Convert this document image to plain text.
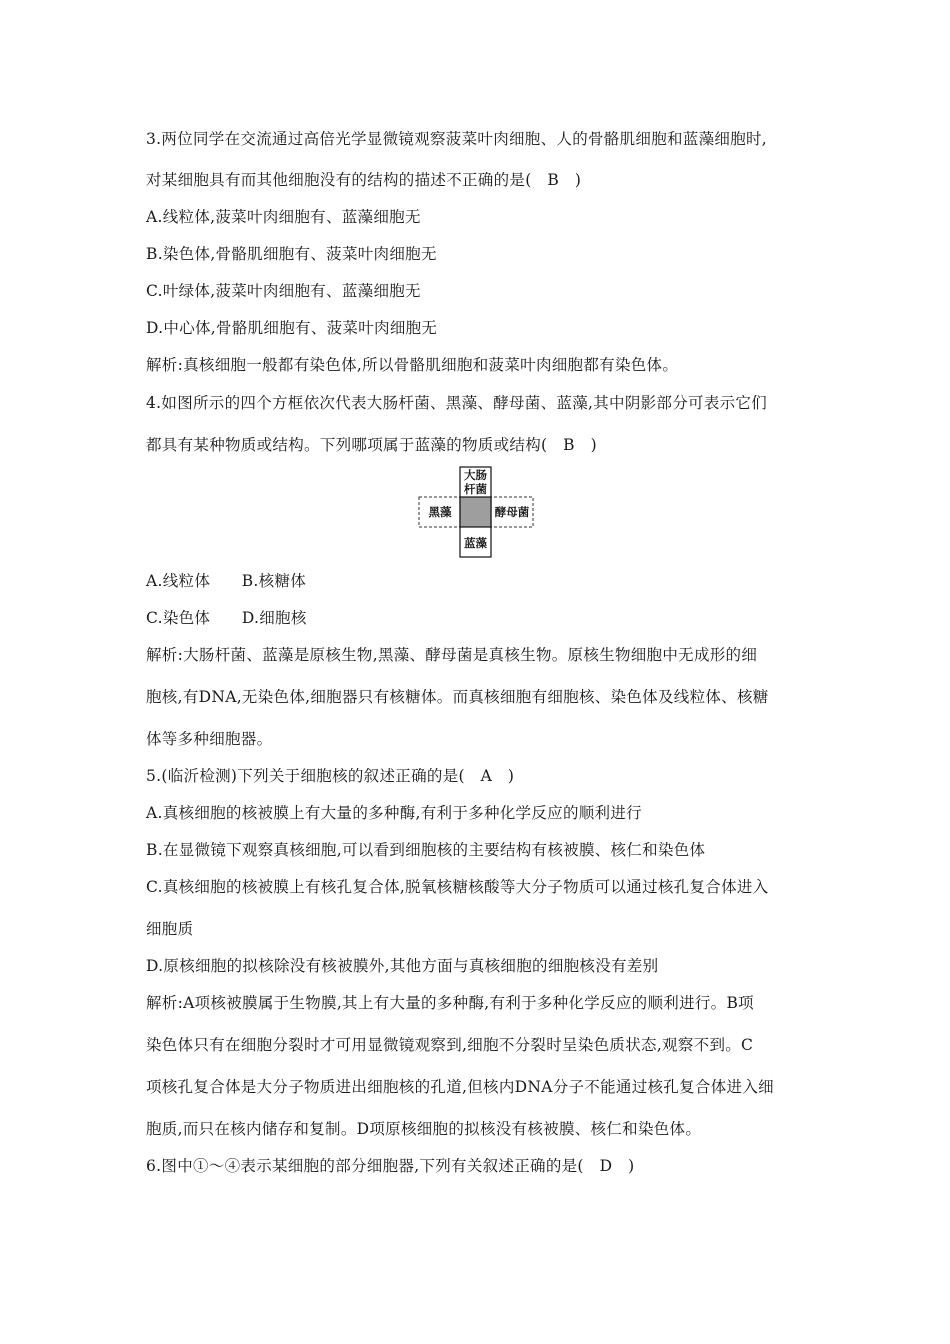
3.两位同学在交流通过高倍光学显微镜观察菠菜叶肉细胞、人的骨骼肌细胞和蓝藻细胞时,
对某细胞具有而其他细胞没有的结构的描述不正确的是(　B　)
A.线粒体,菠菜叶肉细胞有、蓝藻细胞无
B.染色体,骨骼肌细胞有、菠菜叶肉细胞无
C.叶绿体,菠菜叶肉细胞有、蓝藻细胞无
D.中心体,骨骼肌细胞有、菠菜叶肉细胞无
解析:真核细胞一般都有染色体,所以骨骼肌细胞和菠菜叶肉细胞都有染色体。
4.如图所示的四个方框依次代表大肠杆菌、黑藻、酵母菌、蓝藻,其中阴影部分可表示它们
都具有某种物质或结构。下列哪项属于蓝藻的物质或结构(　B　)
大肠
杆菌
黑藻	酵母菌
蓝藻
A.线粒体　　B.核糖体
C.染色体　　D.细胞核
解析:大肠杆菌、蓝藻是原核生物,黑藻、酵母菌是真核生物。原核生物细胞中无成形的细
胞核,有DNA,无染色体,细胞器只有核糖体。而真核细胞有细胞核、染色体及线粒体、核糖
体等多种细胞器。
5.(临沂检测)下列关于细胞核的叙述正确的是(　A　)
A.真核细胞的核被膜上有大量的多种酶,有利于多种化学反应的顺利进行
B.在显微镜下观察真核细胞,可以看到细胞核的主要结构有核被膜、核仁和染色体
C.真核细胞的核被膜上有核孔复合体,脱氧核糖核酸等大分子物质可以通过核孔复合体进入
细胞质
D.原核细胞的拟核除没有核被膜外,其他方面与真核细胞的细胞核没有差别
解析:A项核被膜属于生物膜,其上有大量的多种酶,有利于多种化学反应的顺利进行。B项
染色体只有在细胞分裂时才可用显微镜观察到,细胞不分裂时呈染色质状态,观察不到。C
项核孔复合体是大分子物质进出细胞核的孔道,但核内DNA分子不能通过核孔复合体进入细
胞质,而只在核内储存和复制。D项原核细胞的拟核没有核被膜、核仁和染色体。
6.图中①～④表示某细胞的部分细胞器,下列有关叙述正确的是(　D　)
